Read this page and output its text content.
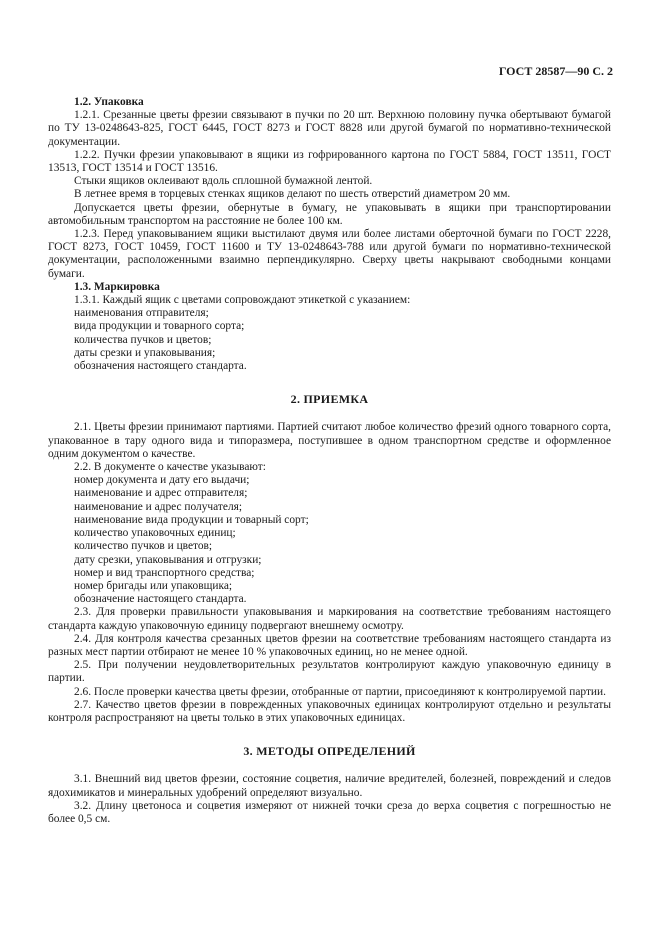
ГОСТ 28587—90 С. 2
1.2. Упаковка

1.2.1. Срезанные цветы фрезии связывают в пучки по 20 шт. Верхнюю половину пучка обертывают бумагой по ТУ 13-0248643-825, ГОСТ 6445, ГОСТ 8273 и ГОСТ 8828 или другой бумагой по нормативно-технической документации.

1.2.2. Пучки фрезии упаковывают в ящики из гофрированного картона по ГОСТ 5884, ГОСТ 13511, ГОСТ 13513, ГОСТ 13514 и ГОСТ 13516.

Стыки ящиков оклеивают вдоль сплошной бумажной лентой.

В летнее время в торцевых стенках ящиков делают по шесть отверстий диаметром 20 мм.

Допускается цветы фрезии, обернутые в бумагу, не упаковывать в ящики при транспортировании автомобильным транспортом на расстояние не более 100 км.

1.2.3. Перед упаковыванием ящики выстилают двумя или более листами оберточной бумаги по ГОСТ 2228, ГОСТ 8273, ГОСТ 10459, ГОСТ 11600 и ТУ 13-0248643-788 или другой бумаги по нормативно-технической документации, расположенными взаимно перпендикулярно. Сверху цветы накрывают свободными концами бумаги.

1.3. Маркировка

1.3.1. Каждый ящик с цветами сопровождают этикеткой с указанием:

наименования отправителя;

вида продукции и товарного сорта;

количества пучков и цветов;

даты срезки и упаковывания;

обозначения настоящего стандарта.

2. ПРИЕМКА

2.1. Цветы фрезии принимают партиями. Партией считают любое количество фрезий одного товарного сорта, упакованное в тару одного вида и типоразмера, поступившее в одном транспортном средстве и оформленное одним документом о качестве.

2.2. В документе о качестве указывают:

номер документа и дату его выдачи;

наименование и адрес отправителя;

наименование и адрес получателя;

наименование вида продукции и товарный сорт;

количество упаковочных единиц;

количество пучков и цветов;

дату срезки, упаковывания и отгрузки;

номер и вид транспортного средства;

номер бригады или упаковщика;

обозначение настоящего стандарта.

2.3. Для проверки правильности упаковывания и маркирования на соответствие требованиям настоящего стандарта каждую упаковочную единицу подвергают внешнему осмотру.

2.4. Для контроля качества срезанных цветов фрезии на соответствие требованиям настоящего стандарта из разных мест партии отбирают не менее 10 % упаковочных единиц, но не менее одной.

2.5. При получении неудовлетворительных результатов контролируют каждую упаковочную единицу в партии.

2.6. После проверки качества цветы фрезии, отобранные от партии, присоединяют к контролируемой партии.

2.7. Качество цветов фрезии в поврежденных упаковочных единицах контролируют отдельно и результаты контроля распространяют на цветы только в этих упаковочных единицах.

3. МЕТОДЫ ОПРЕДЕЛЕНИЙ

3.1. Внешний вид цветов фрезии, состояние соцветия, наличие вредителей, болезней, повреждений и следов ядохимикатов и минеральных удобрений определяют визуально.

3.2. Длину цветоноса и соцветия измеряют от нижней точки среза до верха соцветия с погрешностью не более 0,5 см.
